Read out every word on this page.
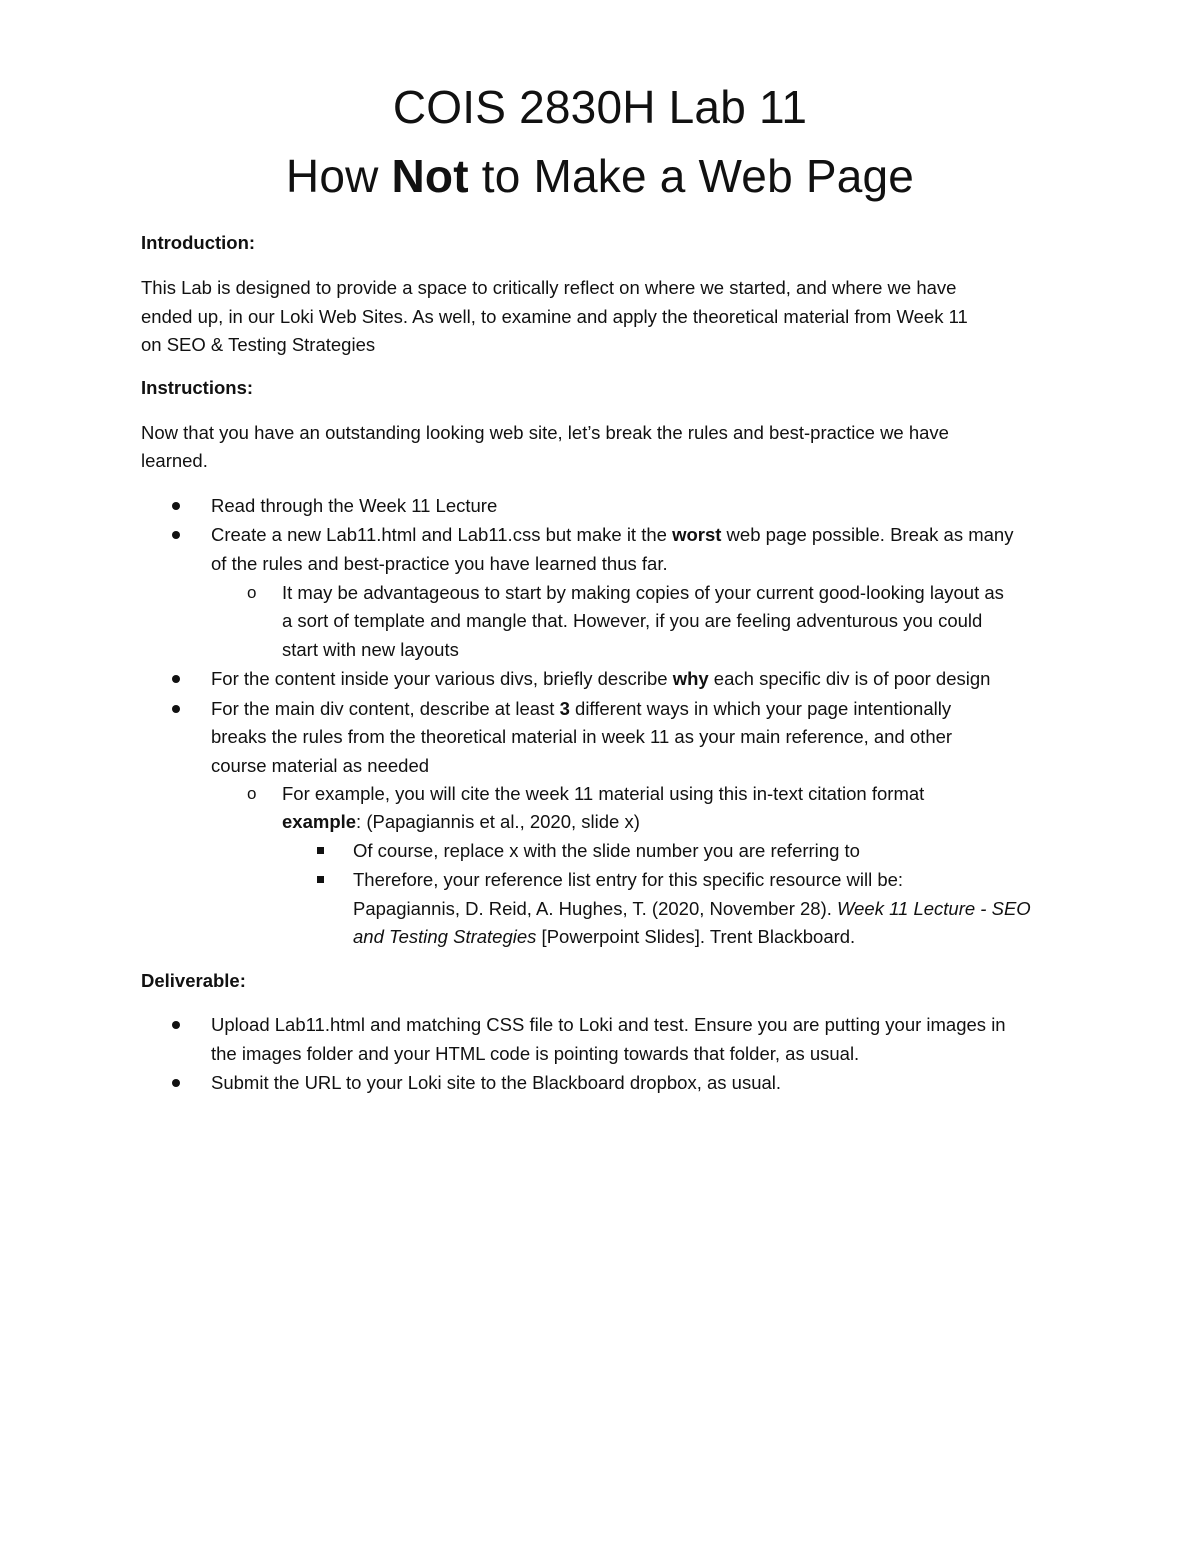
COIS 2830H Lab 11
How Not to Make a Web Page

Introduction:

This Lab is designed to provide a space to critically reflect on where we started, and where we have

ended up, in our Loki Web Sites. As well, to examine and apply the theoretical material from Week 11

on SEO & Testing Strategies

Instructions:

Now that you have an outstanding looking web site, let’s break the rules and best-practice we have

learned.

Read through the Week 11 Lecture
Create a new Lab11.html and Lab11.css but make it the worst web page possible. Break as many
of the rules and best-practice you have learned thus far.
o It may be advantageous to start by making copies of your current good-looking layout as
a sort of template and mangle that. However, if you are feeling adventurous you could
start with new layouts
For the content inside your various divs, briefly describe why each specific div is of poor design
For the main div content, describe at least 3 different ways in which your page intentionally
breaks the rules from the theoretical material in week 11 as your main reference, and other
course material as needed
o For example, you will cite the week 11 material using this in-text citation format
example: (Papagiannis et al., 2020, slide x)
Of course, replace x with the slide number you are referring to
Therefore, your reference list entry for this specific resource will be:
Papagiannis, D. Reid, A. Hughes, T. (2020, November 28). Week 11 Lecture - SEO
and Testing Strategies [Powerpoint Slides]. Trent Blackboard.

Deliverable:

Upload Lab11.html and matching CSS file to Loki and test. Ensure you are putting your images in
the images folder and your HTML code is pointing towards that folder, as usual.
Submit the URL to your Loki site to the Blackboard dropbox, as usual.
